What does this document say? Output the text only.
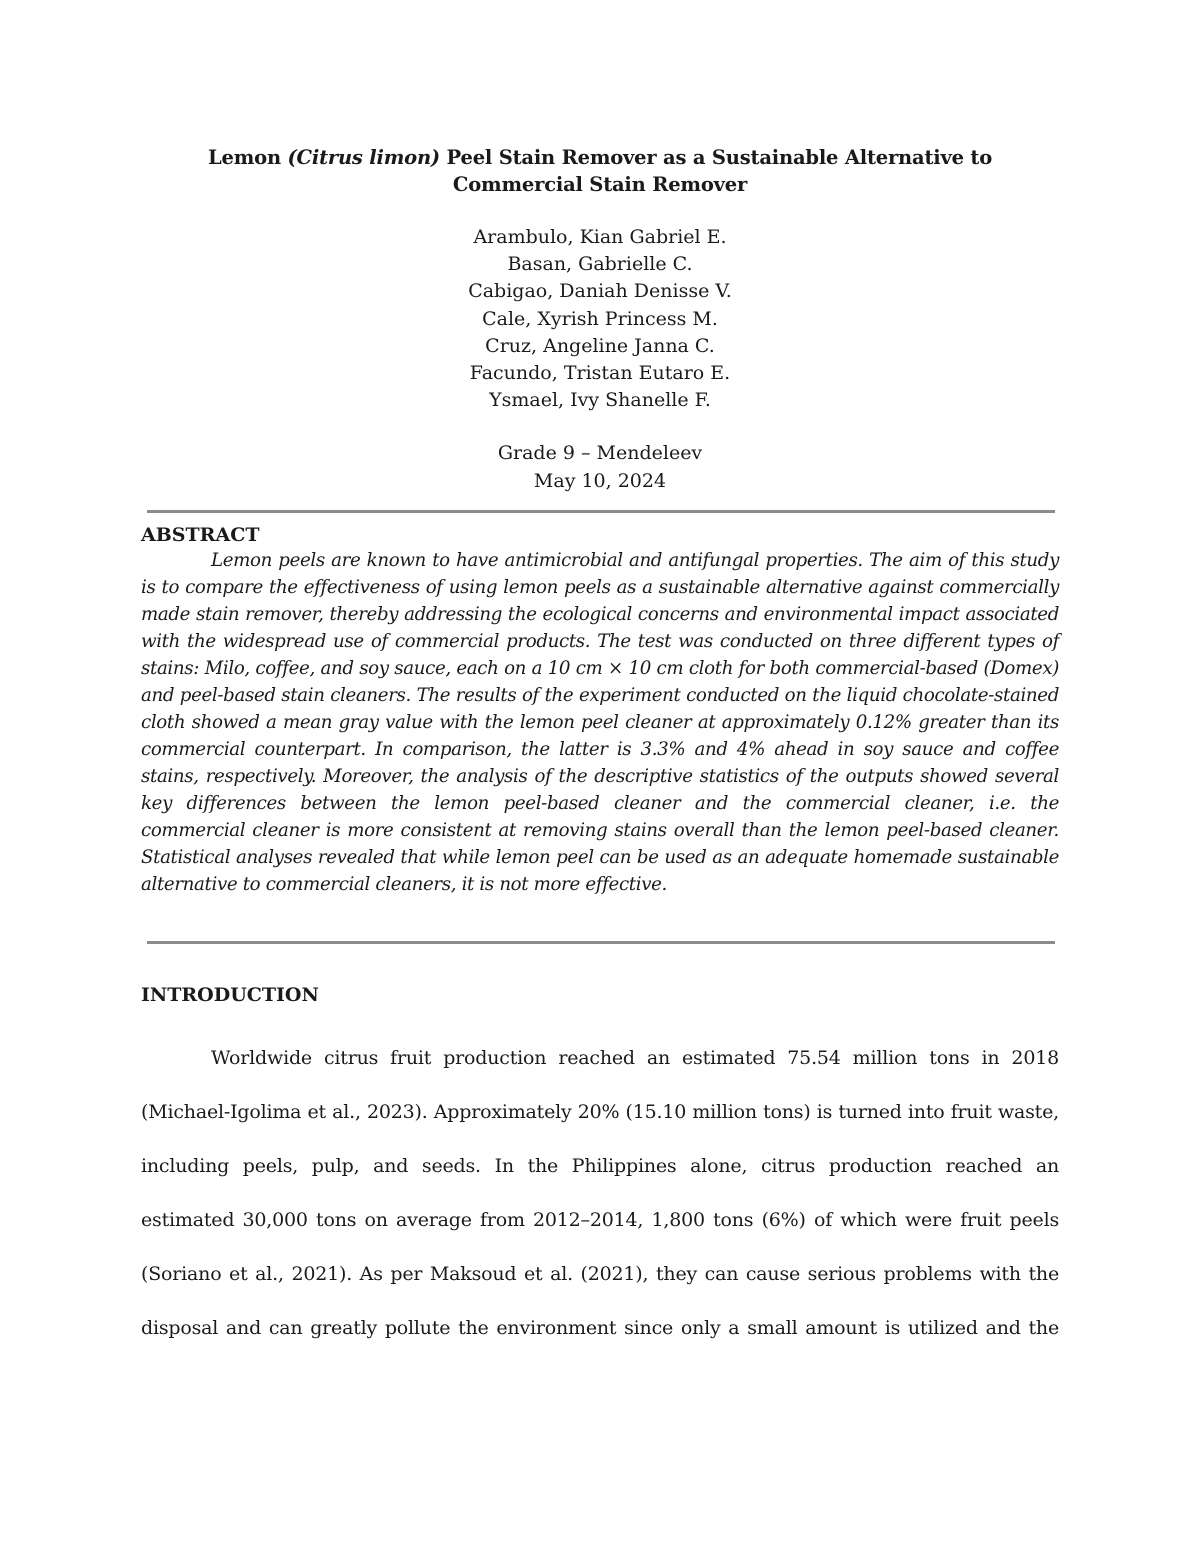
Lemon (Citrus limon) Peel Stain Remover as a Sustainable Alternative to Commercial Stain Remover
Arambulo, Kian Gabriel E.
Basan, Gabrielle C.
Cabigao, Daniah Denisse V.
Cale, Xyrish Princess M.
Cruz, Angeline Janna C.
Facundo, Tristan Eutaro E.
Ysmael, Ivy Shanelle F.
Grade 9 – Mendeleev
May 10, 2024
ABSTRACT
Lemon peels are known to have antimicrobial and antifungal properties. The aim of this study is to compare the effectiveness of using lemon peels as a sustainable alternative against commercially made stain remover, thereby addressing the ecological concerns and environmental impact associated with the widespread use of commercial products. The test was conducted on three different types of stains: Milo, coffee, and soy sauce, each on a 10 cm × 10 cm cloth for both commercial-based (Domex) and peel-based stain cleaners. The results of the experiment conducted on the liquid chocolate-stained cloth showed a mean gray value with the lemon peel cleaner at approximately 0.12% greater than its commercial counterpart. In comparison, the latter is 3.3% and 4% ahead in soy sauce and coffee stains, respectively. Moreover, the analysis of the descriptive statistics of the outputs showed several key differences between the lemon peel-based cleaner and the commercial cleaner, i.e. the commercial cleaner is more consistent at removing stains overall than the lemon peel-based cleaner. Statistical analyses revealed that while lemon peel can be used as an adequate homemade sustainable alternative to commercial cleaners, it is not more effective.
INTRODUCTION
Worldwide citrus fruit production reached an estimated 75.54 million tons in 2018 (Michael-Igolima et al., 2023). Approximately 20% (15.10 million tons) is turned into fruit waste, including peels, pulp, and seeds. In the Philippines alone, citrus production reached an estimated 30,000 tons on average from 2012–2014, 1,800 tons (6%) of which were fruit peels (Soriano et al., 2021). As per Maksoud et al. (2021), they can cause serious problems with the disposal and can greatly pollute the environment since only a small amount is utilized and the
